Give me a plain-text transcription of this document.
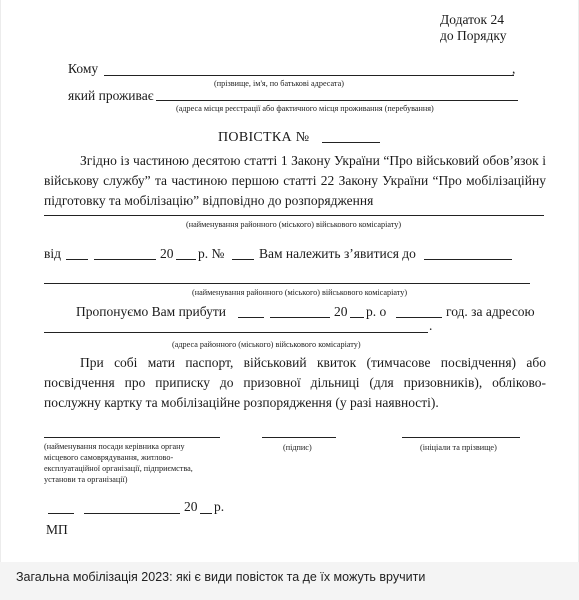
Додаток 24
до Порядку
Кому	,
(прізвище, ім'я, по батькові адресата)
який проживає
(адреса місця реєстрації або фактичного місця проживання (перебування)
ПОВІСТКА №
Згідно із частиною десятою статті 1 Закону України “Про військовий обов’язок і військову службу” та частиною першою статті 22 Закону України “Про мобілізаційну підготовку та мобілізацію” відповідно до розпорядження
(найменування районного (міського) військового комісаріату)
від	20 р. №	Вам належить з’явитися до
(найменування районного (міського) військового комісаріату)
Пропонуємо Вам прибути	20 р. о	год. за адресою
.
(адреса районного (міського) військового комісаріату)
При собі мати паспорт, військовий квиток (тимчасове посвідчення) або посвідчення про приписку до призовної дільниці (для призовників), обліково-послужну картку та мобілізаційне розпорядження (у разі наявності).
(найменування посади керівника органу місцевого самоврядування, житлово-експлуатаційної організації, підприємства, установи та організації)
(підпис)	(ініціали та прізвище)
20 р.
МП
Загальна мобілізація 2023: які є види повісток та де їх можуть вручити
